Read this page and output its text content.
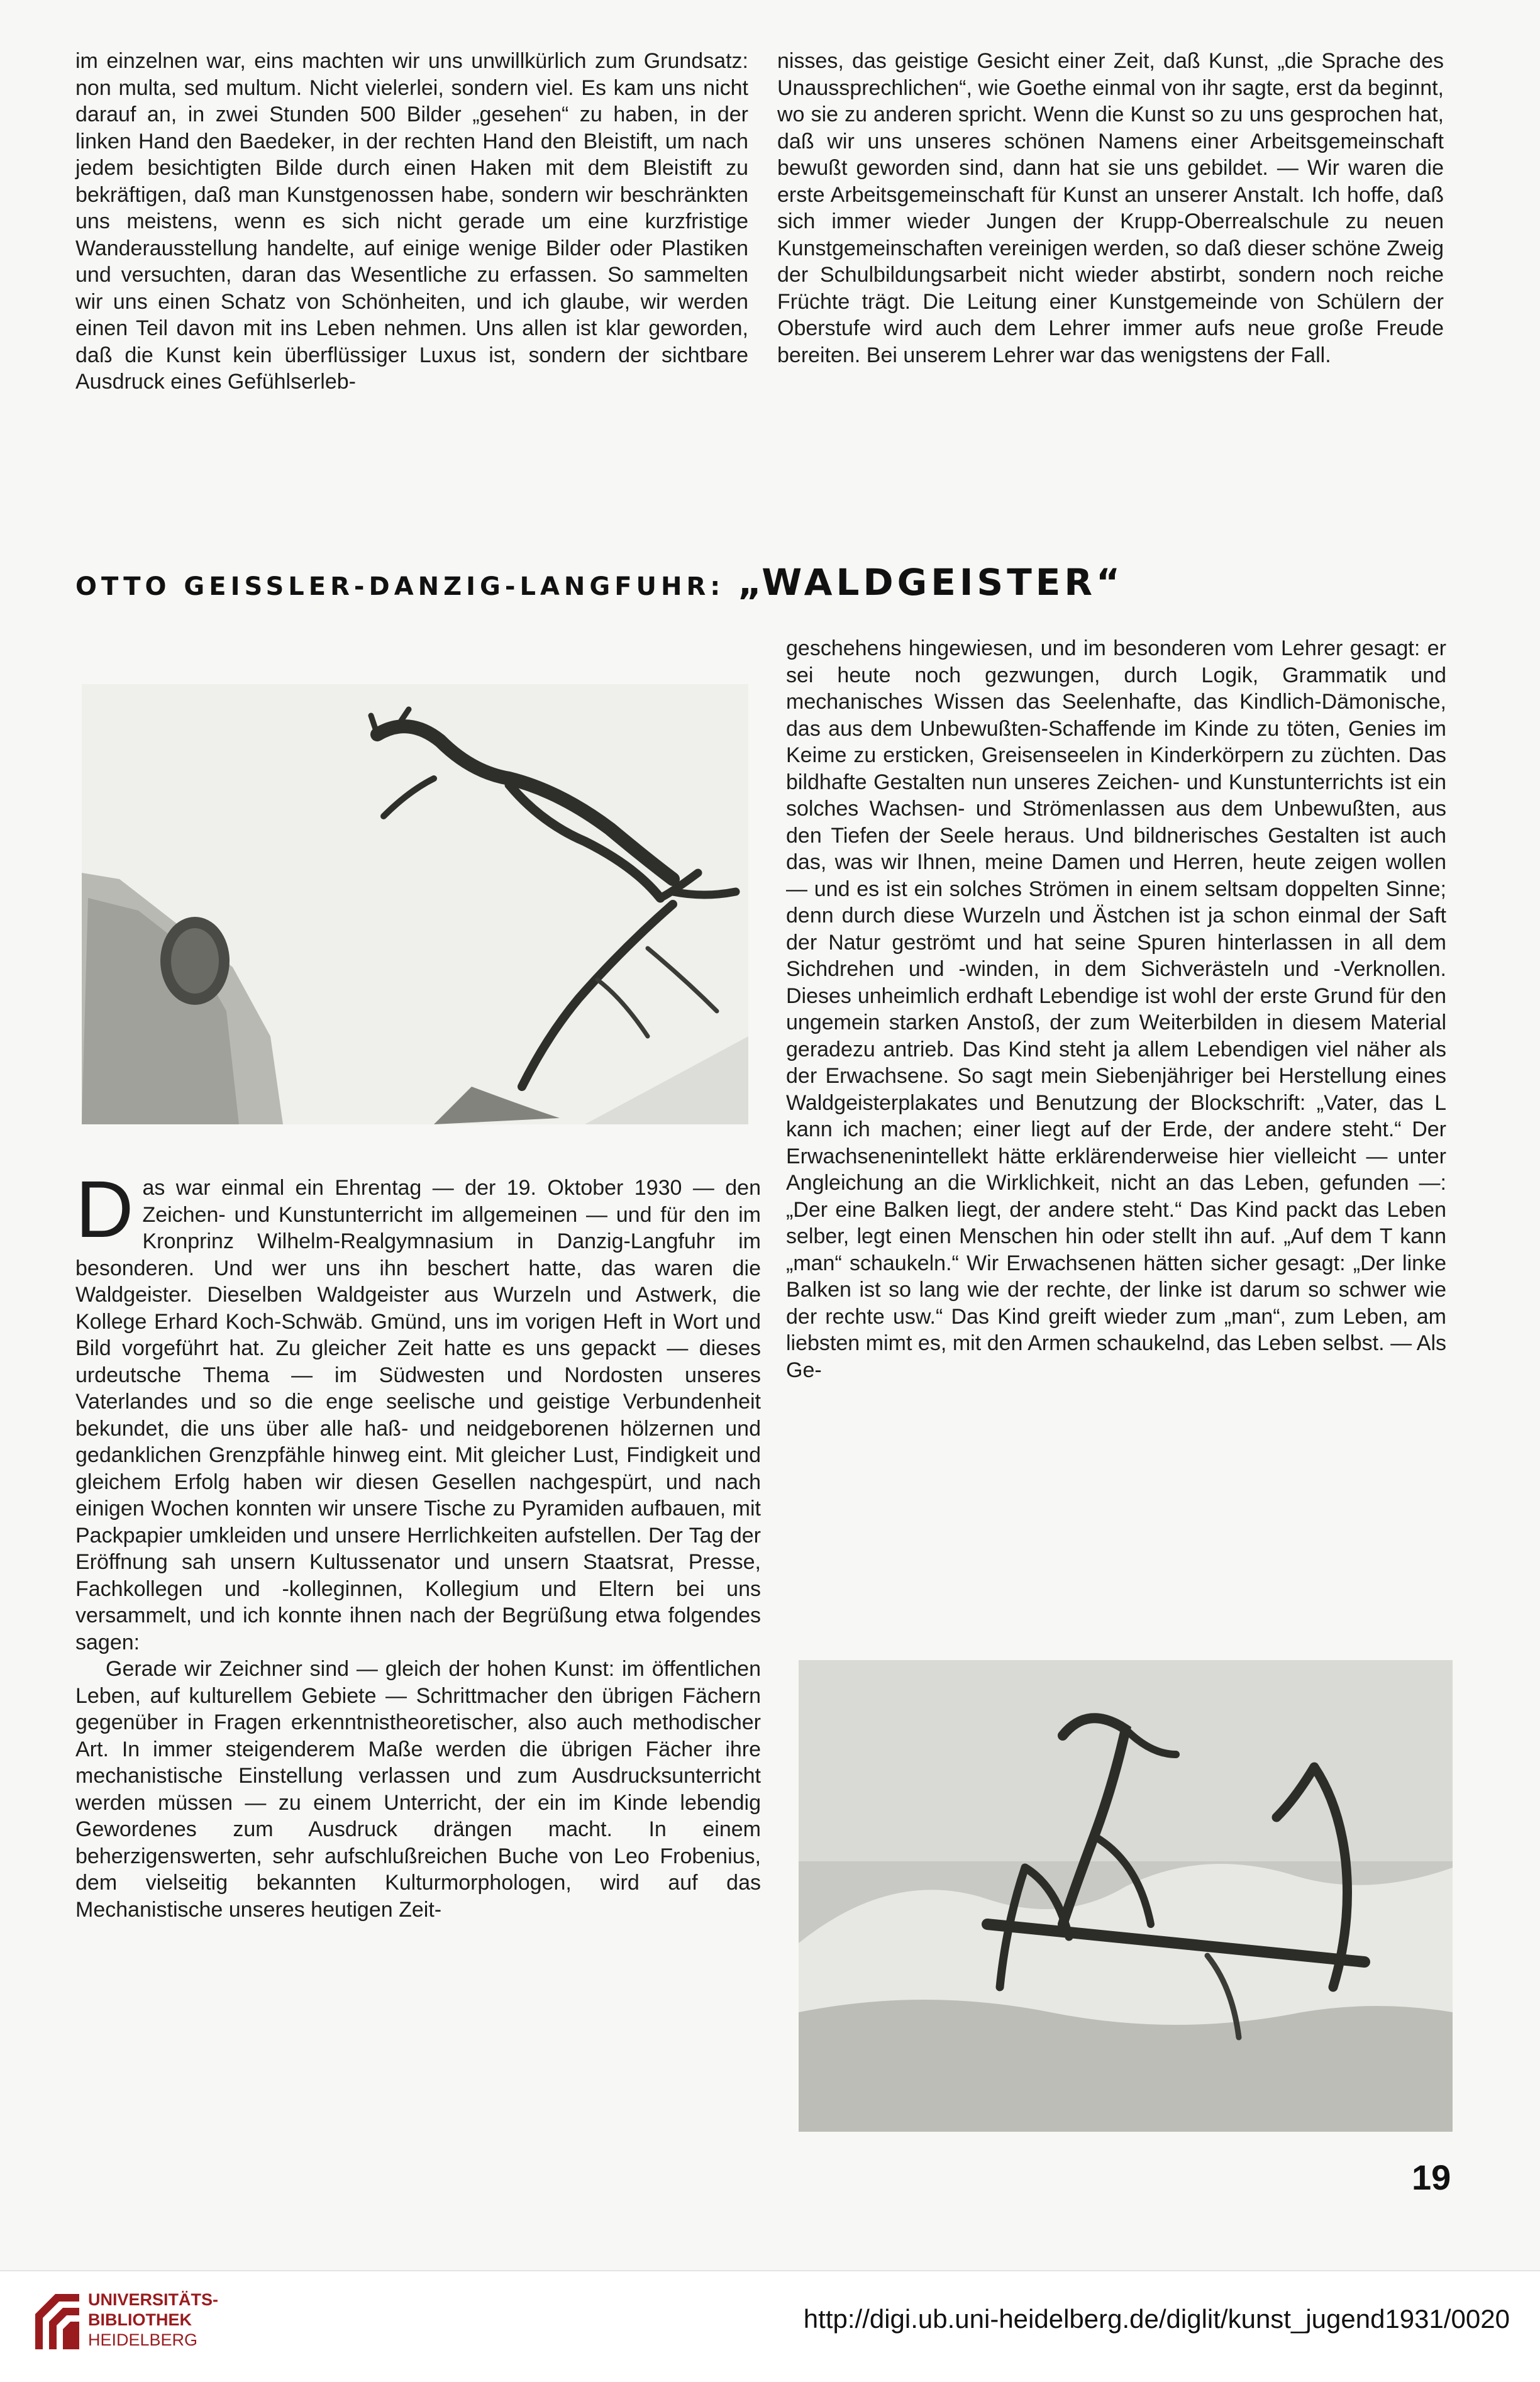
im einzelnen war, eins machten wir uns unwillkürlich zum Grundsatz: non multa, sed multum. Nicht vielerlei, sondern viel. Es kam uns nicht darauf an, in zwei Stunden 500 Bilder „gesehen“ zu haben, in der linken Hand den Baedeker, in der rechten Hand den Bleistift, um nach jedem besichtigten Bilde durch einen Haken mit dem Bleistift zu bekräftigen, daß man Kunstgenossen habe, sondern wir beschränkten uns meistens, wenn es sich nicht gerade um eine kurzfristige Wanderausstellung handelte, auf einige wenige Bilder oder Plastiken und versuchten, daran das Wesentliche zu erfassen. So sammelten wir uns einen Schatz von Schönheiten, und ich glaube, wir werden einen Teil davon mit ins Leben nehmen. Uns allen ist klar geworden, daß die Kunst kein überflüssiger Luxus ist, sondern der sichtbare Ausdruck eines Gefühlserleb-

nisses, das geistige Gesicht einer Zeit, daß Kunst, „die Sprache des Unaussprechlichen“, wie Goethe einmal von ihr sagte, erst da beginnt, wo sie zu anderen spricht. Wenn die Kunst so zu uns gesprochen hat, daß wir uns unseres schönen Namens einer Arbeitsgemeinschaft bewußt geworden sind, dann hat sie uns gebildet. — Wir waren die erste Arbeitsgemeinschaft für Kunst an unserer Anstalt. Ich hoffe, daß sich immer wieder Jungen der Krupp-Oberrealschule zu neuen Kunstgemeinschaften vereinigen werden, so daß dieser schöne Zweig der Schulbildungsarbeit nicht wieder abstirbt, sondern noch reiche Früchte trägt. Die Leitung einer Kunstgemeinde von Schülern der Oberstufe wird auch dem Lehrer immer aufs neue große Freude bereiten. Bei unserem Lehrer war das wenigstens der Fall.

OTTO GEISSLER-DANZIG-LANGFUHR: „WALDGEISTER“

Das war einmal ein Ehrentag — der 19. Oktober 1930 — den Zeichen- und Kunstunterricht im allgemeinen — und für den im Kronprinz Wilhelm-Realgymnasium in Danzig-Langfuhr im besonderen. Und wer uns ihn beschert hatte, das waren die Waldgeister. Dieselben Waldgeister aus Wurzeln und Astwerk, die Kollege Erhard Koch-Schwäb. Gmünd, uns im vorigen Heft in Wort und Bild vorgeführt hat. Zu gleicher Zeit hatte es uns gepackt — dieses urdeutsche Thema — im Südwesten und Nordosten unseres Vaterlandes und so die enge seelische und geistige Verbundenheit bekundet, die uns über alle haß- und neidgeborenen hölzernen und gedanklichen Grenzpfähle hinweg eint. Mit gleicher Lust, Findigkeit und gleichem Erfolg haben wir diesen Gesellen nachgespürt, und nach einigen Wochen konnten wir unsere Tische zu Pyramiden aufbauen, mit Packpapier umkleiden und unsere Herrlichkeiten aufstellen. Der Tag der Eröffnung sah unsern Kultussenator und unsern Staatsrat, Presse, Fachkollegen und -kolleginnen, Kollegium und Eltern bei uns versammelt, und ich konnte ihnen nach der Begrüßung etwa folgendes sagen:

Gerade wir Zeichner sind — gleich der hohen Kunst: im öffentlichen Leben, auf kulturellem Gebiete — Schrittmacher den übrigen Fächern gegenüber in Fragen erkenntnistheoretischer, also auch methodischer Art. In immer steigenderem Maße werden die übrigen Fächer ihre mechanistische Einstellung verlassen und zum Ausdrucksunterricht werden müssen — zu einem Unterricht, der ein im Kinde lebendig Gewordenes zum Ausdruck drängen macht. In einem beherzigenswerten, sehr aufschlußreichen Buche von Leo Frobenius, dem vielseitig bekannten Kulturmorphologen, wird auf das Mechanistische unseres heutigen Zeit-

geschehens hingewiesen, und im besonderen vom Lehrer gesagt: er sei heute noch gezwungen, durch Logik, Grammatik und mechanisches Wissen das Seelenhafte, das Kindlich-Dämonische, das aus dem Unbewußten-Schaffende im Kinde zu töten, Genies im Keime zu ersticken, Greisenseelen in Kinderkörpern zu züchten. Das bildhafte Gestalten nun unseres Zeichen- und Kunstunterrichts ist ein solches Wachsen- und Strömenlassen aus dem Unbewußten, aus den Tiefen der Seele heraus. Und bildnerisches Gestalten ist auch das, was wir Ihnen, meine Damen und Herren, heute zeigen wollen — und es ist ein solches Strömen in einem seltsam doppelten Sinne; denn durch diese Wurzeln und Ästchen ist ja schon einmal der Saft der Natur geströmt und hat seine Spuren hinterlassen in all dem Sichdrehen und -winden, in dem Sichverästeln und -Verknollen. Dieses unheimlich erdhaft Lebendige ist wohl der erste Grund für den ungemein starken Anstoß, der zum Weiterbilden in diesem Material geradezu antrieb. Das Kind steht ja allem Lebendigen viel näher als der Erwachsene. So sagt mein Siebenjähriger bei Herstellung eines Waldgeisterplakates und Benutzung der Blockschrift: „Vater, das L kann ich machen; einer liegt auf der Erde, der andere steht.“ Der Erwachsenenintellekt hätte erklärenderweise hier vielleicht — unter Angleichung an die Wirklichkeit, nicht an das Leben, gefunden —: „Der eine Balken liegt, der andere steht.“ Das Kind packt das Leben selber, legt einen Menschen hin oder stellt ihn auf. „Auf dem T kann „man“ schaukeln.“ Wir Erwachsenen hätten sicher gesagt: „Der linke Balken ist so lang wie der rechte, der linke ist darum so schwer wie der rechte usw.“ Das Kind greift wieder zum „man“, zum Leben, am liebsten mimt es, mit den Armen schaukelnd, das Leben selbst. — Als Ge-

19
UNIVERSITÄTS-
BIBLIOTHEK
HEIDELBERG
http://digi.ub.uni-heidelberg.de/diglit/kunst_jugend1931/0020
